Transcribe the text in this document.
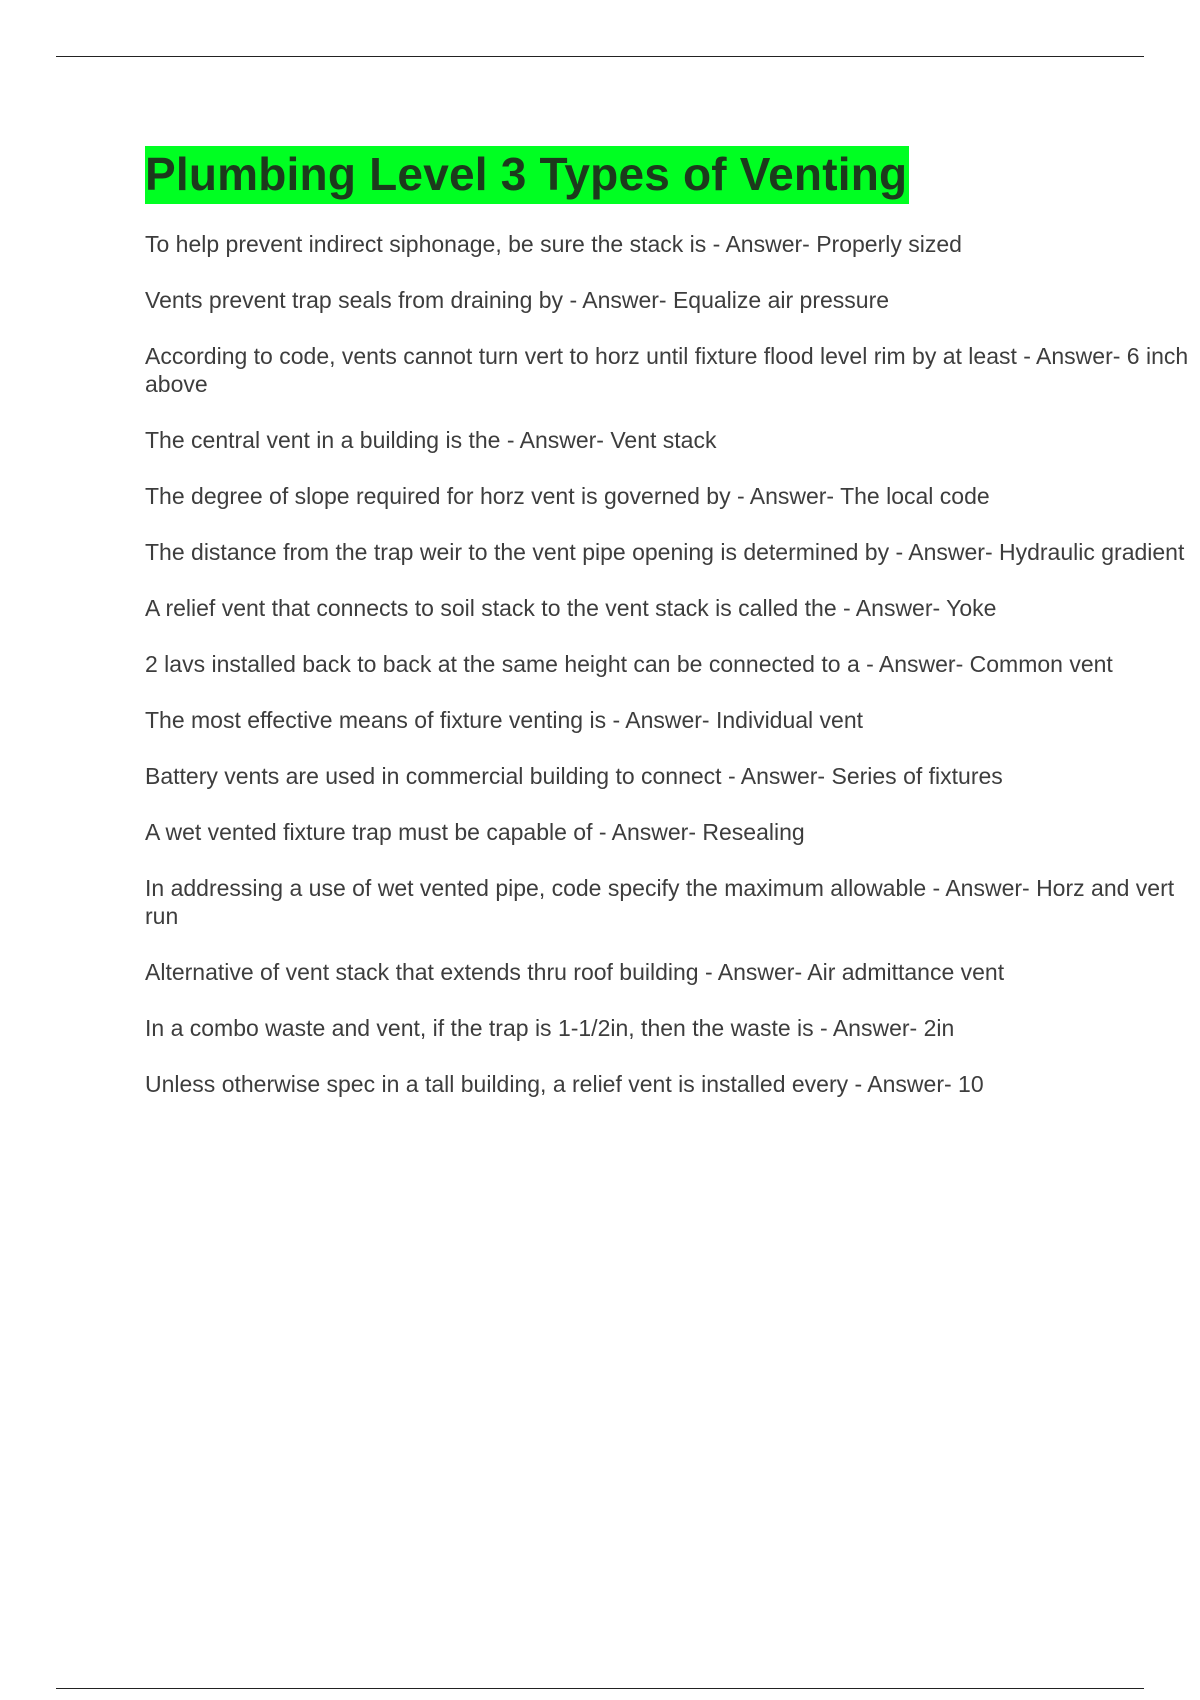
Plumbing Level 3 Types of Venting
To help prevent indirect siphonage, be sure the stack is - Answer- Properly sized
Vents prevent trap seals from draining by - Answer- Equalize air pressure
According to code, vents cannot turn vert to horz until fixture flood level rim by at least - Answer- 6 inch above
The central vent in a building is the - Answer- Vent stack
The degree of slope required for horz vent is governed by - Answer- The local code
The distance from the trap weir to the vent pipe opening is determined by - Answer- Hydraulic gradient
A relief vent that connects to soil stack to the vent stack is called the - Answer- Yoke
2 lavs installed back to back at the same height can be connected to a - Answer- Common vent
The most effective means of fixture venting is - Answer- Individual vent
Battery vents are used in commercial building to connect - Answer- Series of fixtures
A wet vented fixture trap must be capable of - Answer- Resealing
In addressing a use of wet vented pipe, code specify the maximum allowable - Answer- Horz and vert run
Alternative of vent stack that extends thru roof building - Answer- Air admittance vent
In a combo waste and vent, if the trap is 1-1/2in, then the waste is - Answer- 2in
Unless otherwise spec in a tall building, a relief vent is installed every - Answer- 10
